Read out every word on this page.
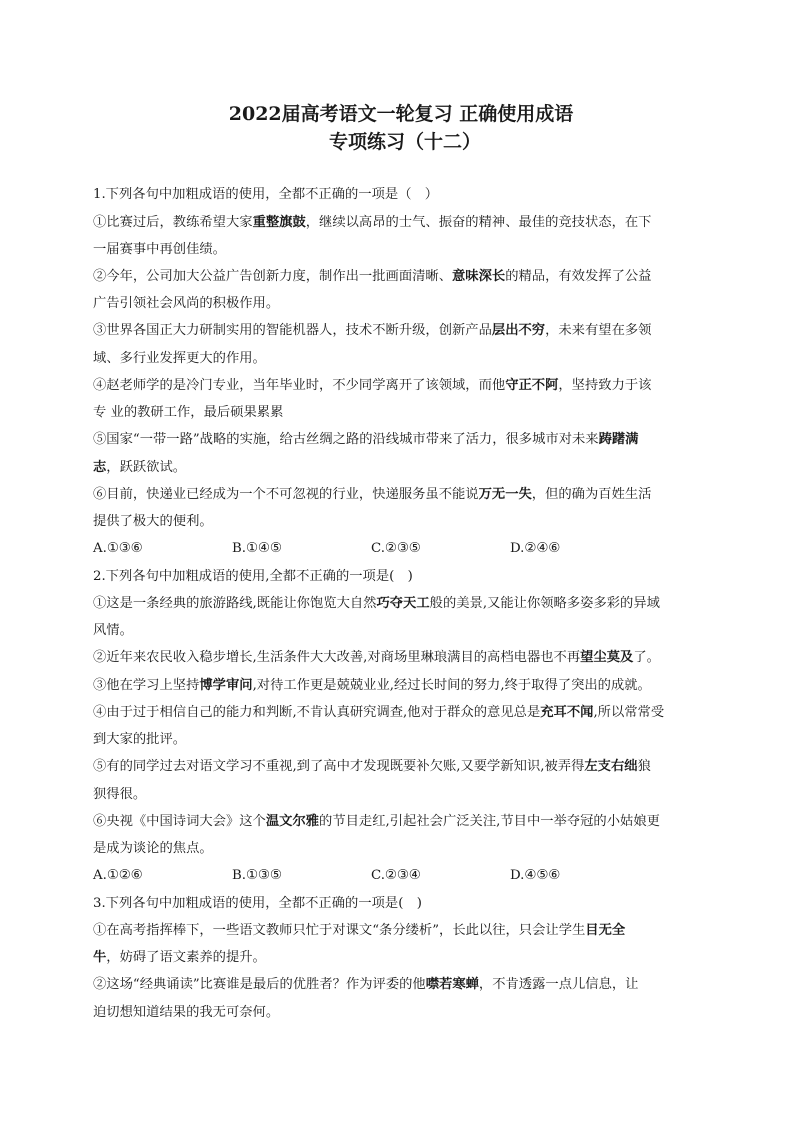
2022届高考语文一轮复习 正确使用成语
专项练习（十二）
1.下列各句中加粗成语的使用，全都不正确的一项是（　）
①比赛过后，教练希望大家重整旗鼓，继续以高昂的士气、振奋的精神、最佳的竞技状态，在下
一届赛事中再创佳绩。
②今年，公司加大公益广告创新力度，制作出一批画面清晰、意味深长的精品，有效发挥了公益
广告引领社会风尚的积极作用。
③世界各国正大力研制实用的智能机器人，技术不断升级，创新产品层出不穷，未来有望在多领
域、多行业发挥更大的作用。
④赵老师学的是冷门专业，当年毕业时，不少同学离开了该领域，而他守正不阿，坚持致力于该
专 业的教研工作，最后硕果累累
⑤国家“一带一路”战略的实施，给古丝绸之路的沿线城市带来了活力，很多城市对未来踌躇满
志，跃跃欲试。
⑥目前，快递业已经成为一个不可忽视的行业，快递服务虽不能说万无一失，但的确为百姓生活
提供了极大的便利。
A.①③⑥	B.①④⑤	C.②③⑤	D.②④⑥
2.下列各句中加粗成语的使用,全都不正确的一项是(　)
①这是一条经典的旅游路线,既能让你饱览大自然巧夺天工般的美景,又能让你领略多姿多彩的异域
风情。
②近年来农民收入稳步增长,生活条件大大改善,对商场里琳琅满目的高档电器也不再望尘莫及了。
③他在学习上坚持博学审问,对待工作更是兢兢业业,经过长时间的努力,终于取得了突出的成就。
④由于过于相信自己的能力和判断,不肯认真研究调查,他对于群众的意见总是充耳不闻,所以常常受
到大家的批评。
⑤有的同学过去对语文学习不重视,到了高中才发现既要补欠账,又要学新知识,被弄得左支右绌狼
狈得很。
⑥央视《中国诗词大会》这个温文尔雅的节目走红,引起社会广泛关注,节目中一举夺冠的小姑娘更
是成为谈论的焦点。
A.①②⑥	B.①③⑤	C.②③④	D.④⑤⑥
3.下列各句中加粗成语的使用，全都不正确的一项是(　)
①在高考指挥棒下，一些语文教师只忙于对课文“条分缕析”，长此以往，只会让学生目无全
牛，妨碍了语文素养的提升。
②这场“经典诵读”比赛谁是最后的优胜者？作为评委的他噤若寒蝉，不肯透露一点儿信息，让
迫切想知道结果的我无可奈何。
